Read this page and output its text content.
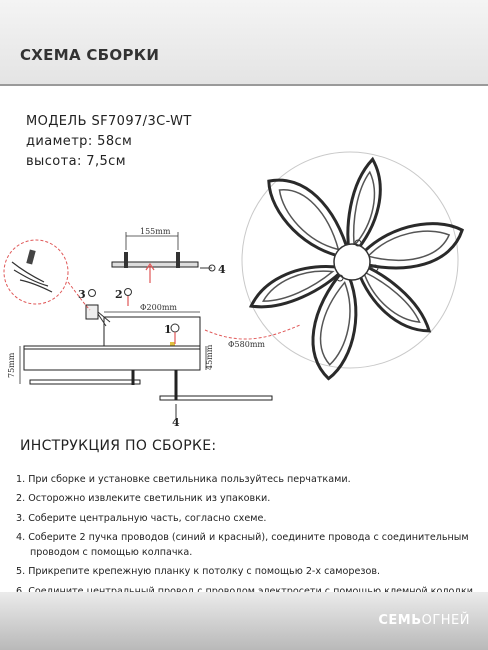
СХЕМА СБОРКИ
МОДЕЛЬ SF7097/3C-WT
диаметр: 58см
высота: 7,5см
Φ580mm
155mm
4
Φ200mm
75mm	45mm
1
2
3
4
ИНСТРУКЦИЯ ПО СБОРКЕ:
1. При сборке и установке светильника пользуйтесь перчатками.
2. Осторожно извлеките светильник из упаковки.
3. Соберите центральную часть, согласно схеме.
4. Соберите 2 пучка проводов (синий и красный), соедините провода с соединительным
проводом с помощью колпачка.
5. Прикрепите крепежную планку к потолку с помощью 2-х саморезов.
СЕМЬОГНЕЙ
